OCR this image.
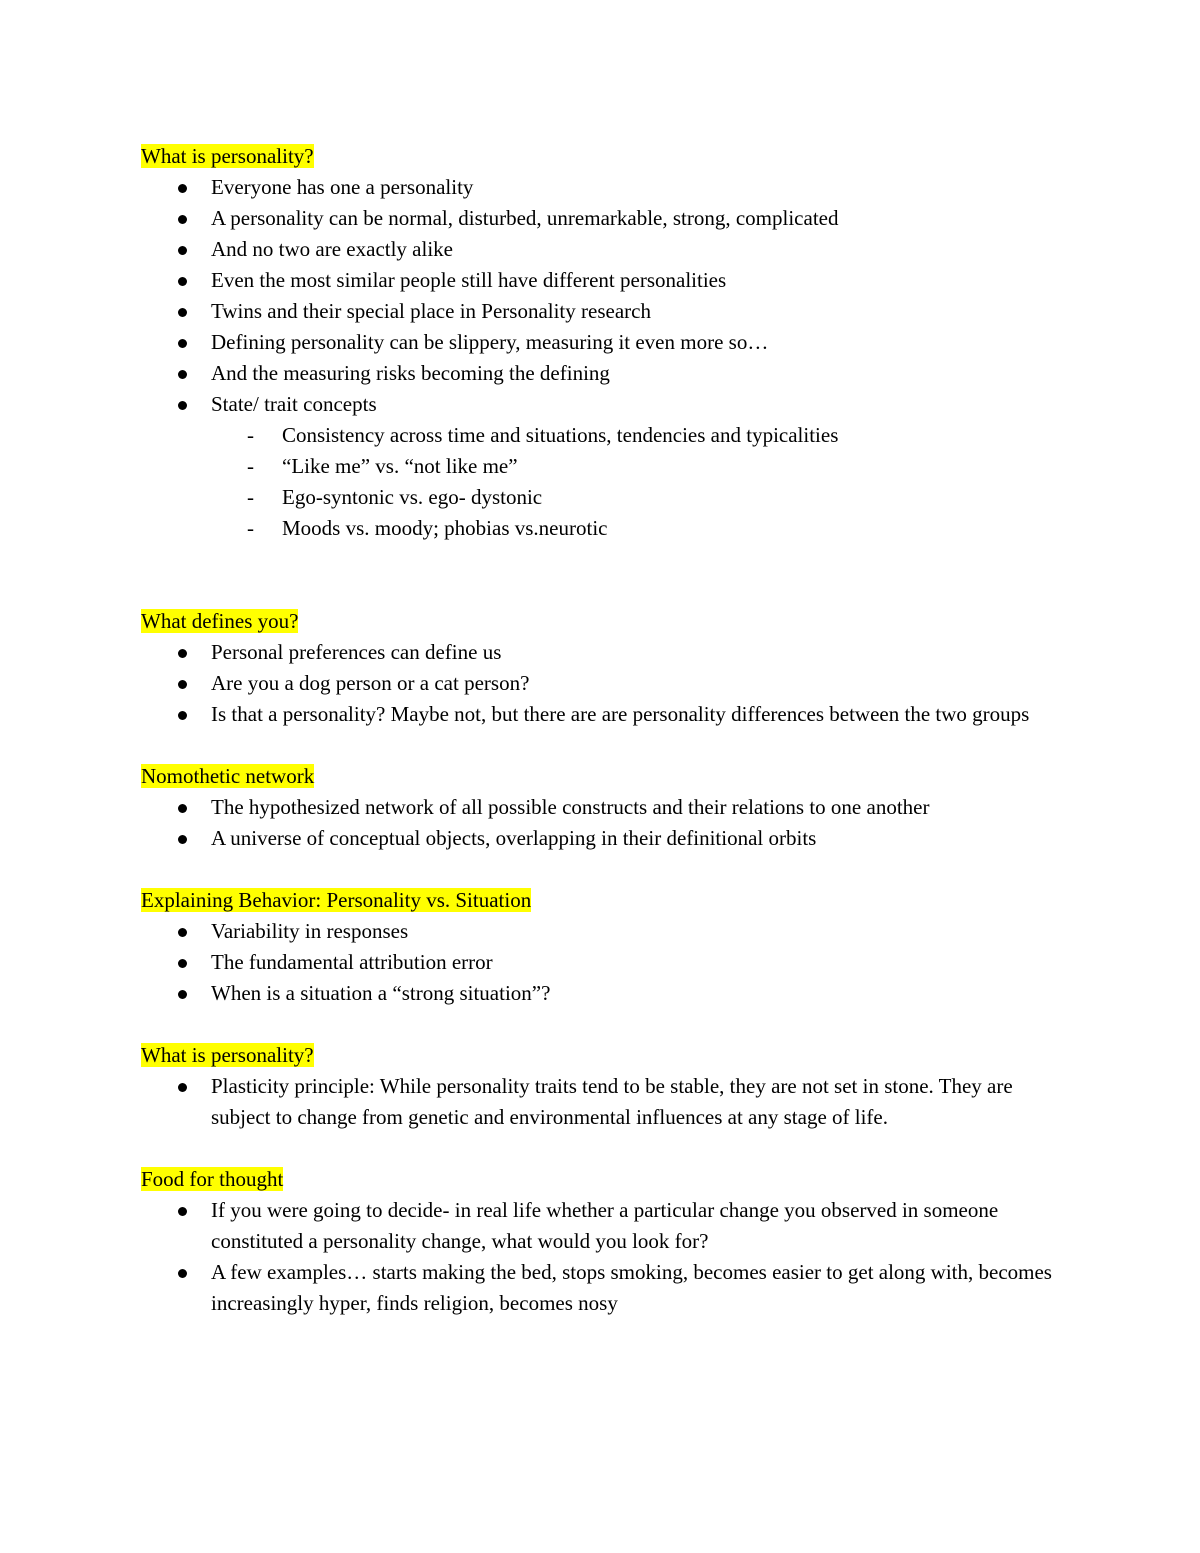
What is personality?
Everyone has one a personality
A personality can be normal, disturbed, unremarkable, strong, complicated
And no two are exactly alike
Even the most similar people still have different personalities
Twins and their special place in Personality research
Defining personality can be slippery, measuring it even more so…
And the measuring risks becoming the defining
State/ trait concepts
- Consistency across time and situations, tendencies and typicalities
- “Like me” vs. “not like me”
- Ego-syntonic vs. ego- dystonic
- Moods vs. moody; phobias vs.neurotic
What defines you?
Personal preferences can define us
Are you a dog person or a cat person?
Is that a personality? Maybe not, but there are are personality differences between the two groups
Nomothetic network
The hypothesized network of all possible constructs and their relations to one another
A universe of conceptual objects, overlapping in their definitional orbits
Explaining Behavior: Personality vs. Situation
Variability in responses
The fundamental attribution error
When is a situation a “strong situation”?
What is personality?
Plasticity principle: While personality traits tend to be stable, they are not set in stone. They are subject to change from genetic and environmental influences at any stage of life.
Food for thought
If you were going to decide- in real life whether a particular change you observed in someone constituted a personality change, what would you look for?
A few examples… starts making the bed, stops smoking, becomes easier to get along with, becomes increasingly hyper, finds religion, becomes nosy
